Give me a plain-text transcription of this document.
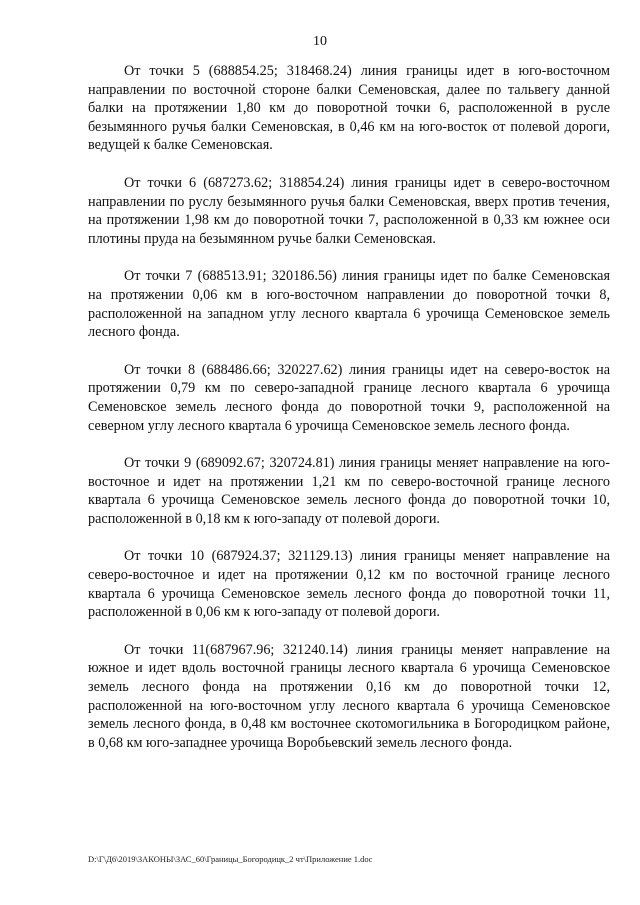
10

От точки 5 (688854.25; 318468.24) линия границы идет в юго-восточном направлении по восточной стороне балки Семеновская, далее по тальвегу данной балки на протяжении 1,80 км до поворотной точки 6, расположенной в русле безымянного ручья балки Семеновская, в 0,46 км на юго-восток от полевой дороги, ведущей к балке Семеновская.

От точки 6 (687273.62; 318854.24) линия границы идет в северо-восточном направлении по руслу безымянного ручья балки Семеновская, вверх против течения, на протяжении 1,98 км до поворотной точки 7, расположенной в 0,33 км южнее оси плотины пруда на безымянном ручье балки Семеновская.

От точки 7 (688513.91; 320186.56) линия границы идет по балке Семеновская на протяжении 0,06 км в юго-восточном направлении до поворотной точки 8, расположенной на западном углу лесного квартала 6 урочища Семеновское земель лесного фонда.

От точки 8 (688486.66; 320227.62) линия границы идет на северо-восток на протяжении 0,79 км по северо-западной границе лесного квартала 6 урочища Семеновское земель лесного фонда до поворотной точки 9, расположенной на северном углу лесного квартала 6 урочища Семеновское земель лесного фонда.

От точки 9 (689092.67; 320724.81) линия границы меняет направление на юго-восточное и идет на протяжении 1,21 км по северо-восточной границе лесного квартала 6 урочища Семеновское земель лесного фонда до поворотной точки 10, расположенной в 0,18 км к юго-западу от полевой дороги.

От точки 10 (687924.37; 321129.13) линия границы меняет направление на северо-восточное и идет на протяжении 0,12 км по восточной границе лесного квартала 6 урочища Семеновское земель лесного фонда до поворотной точки 11, расположенной в 0,06 км к юго-западу от полевой дороги.

От точки 11(687967.96; 321240.14) линия границы меняет направление на южное и идет вдоль восточной границы лесного квартала 6 урочища Семеновское земель лесного фонда на протяжении 0,16 км до поворотной точки 12, расположенной на юго-восточном углу лесного квартала 6 урочища Семеновское земель лесного фонда, в 0,48 км восточнее скотомогильника в Богородицком районе, в 0,68 км юго-западнее урочища Воробьевский земель лесного фонда.

D:\Г\Д6\2019\ЗАКОНЫ\ЗАС_60\Границы_Богородицк_2 чт\Приложение 1.doc
